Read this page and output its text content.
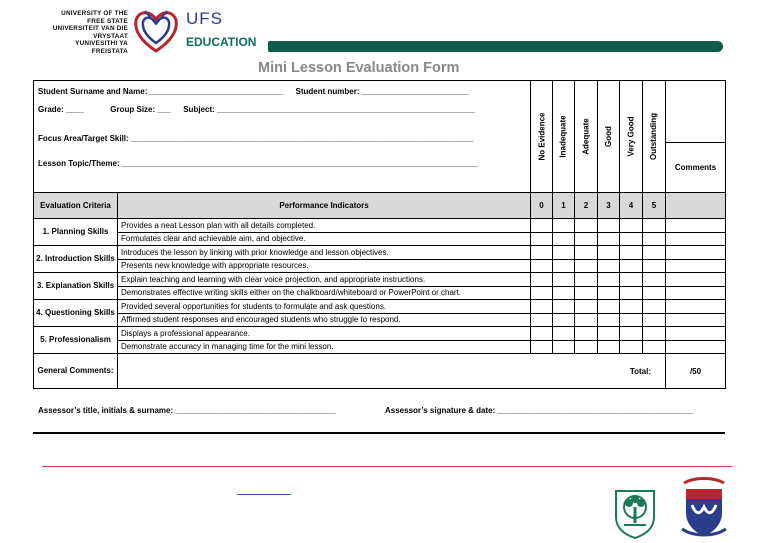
UNIVERSITY OF THE
FREE STATE
UNIVERSITEIT VAN DIE
VRYSTAAT
YUNIVESITHI YA
FREISTATA
UFS
EDUCATION
Mini Lesson Evaluation Form
Student Surname and Name: ______________________________ Student number: ________________________
Grade: ____ Group Size: ___ Subject: __________________________________________________________
Focus Area/Target Skill: _____________________________________________________________________________
Lesson Topic/Theme: ________________________________________________________________________________		No Evidence	Inadequate	Adequate	Good	Very Good	Outstanding	

								Comments
Evaluation Criteria	Performance Indicators	0	1	2	3	4	5	
1. Planning Skills	Provides a neat Lesson plan with all details completed.							
	Formulates clear and achievable aim, and objective.							
2. Introduction Skills	Introduces the lesson by linking with prior knowledge and lesson objectives.							
	Presents new knowledge with appropriate resources.							
3. Explanation Skills	Explain teaching and learning with clear voice projection, and appropriate instructions.							
	Demonstrates effective writing skills either on the chalkboard/whiteboard or PowerPoint or chart.							
4. Questioning Skills	Provided several opportunities for students to formulate and ask questions.							
	Affirmed student responses and encouraged students who struggle to respond.							
5. Professionalism	Displays a professional appearance.							
	Demonstrate accuracy in managing time for the mini lesson.							
General Comments:	Total:							/50
Assessor’s title, initials & surname: ____________________________________	Assessor’s signature & date: ____________________________________________
